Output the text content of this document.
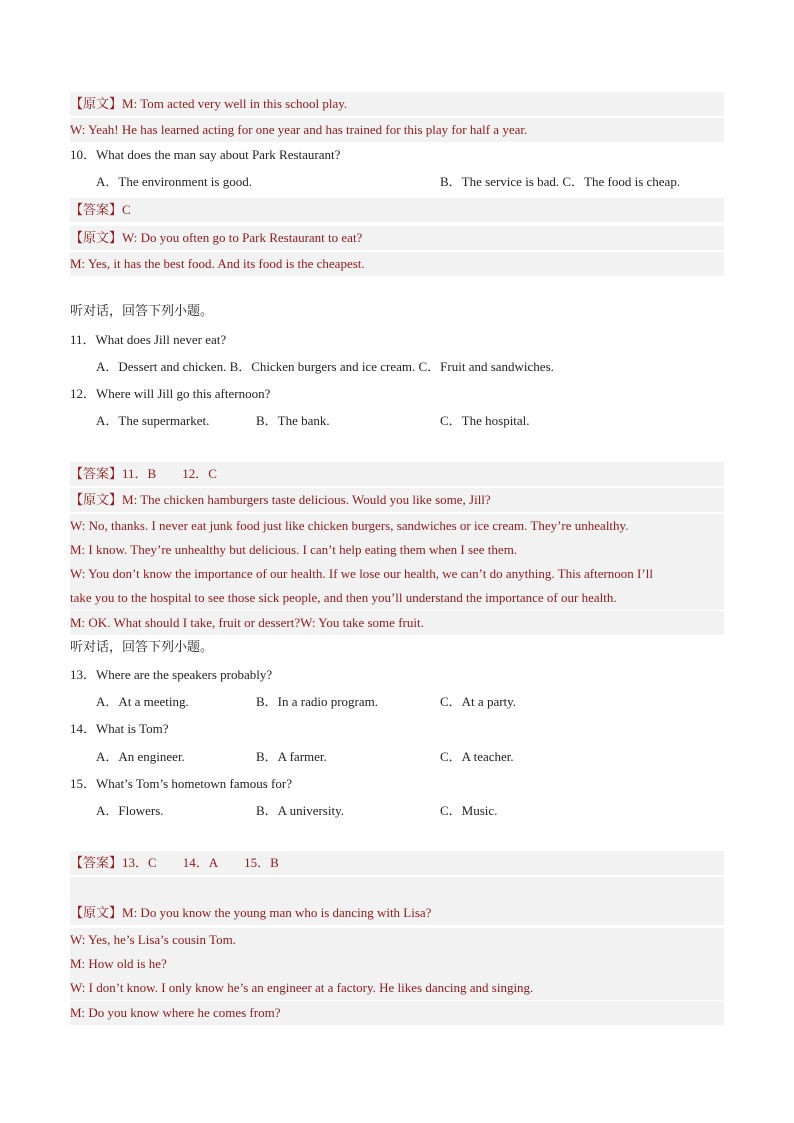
【原文】M: Tom acted very well in this school play.
W: Yeah! He has learned acting for one year and has trained for this play for half a year.
10．What does the man say about Park Restaurant?
A．The environment is good.	B．The service is bad. C．The food is cheap.
【答案】C
【原文】W: Do you often go to Park Restaurant to eat?
M: Yes, it has the best food. And its food is the cheapest.
听对话，回答下列小题。
11．What does Jill never eat?
A．Dessert and chicken. B．Chicken burgers and ice cream. C．Fruit and sandwiches.
12．Where will Jill go this afternoon?
A．The supermarket.	B．The bank.	C．The hospital.
【答案】11．B 12．C
【原文】M: The chicken hamburgers taste delicious. Would you like some, Jill?
W: No, thanks. I never eat junk food just like chicken burgers, sandwiches or ice cream. They’re unhealthy.
M: I know. They’re unhealthy but delicious. I can’t help eating them when I see them.
W: You don’t know the importance of our health. If we lose our health, we can’t do anything. This afternoon I’ll
take you to the hospital to see those sick people, and then you’ll understand the importance of our health.
M: OK. What should I take, fruit or dessert?W: You take some fruit.
听对话，回答下列小题。
13．Where are the speakers probably?
A．At a meeting.	B．In a radio program.	C．At a party.
14．What is Tom?
A．An engineer.	B．A farmer.	C．A teacher.
15．What’s Tom’s hometown famous for?
A．Flowers.	B．A university.	C．Music.
【答案】13．C 14．A 15．B
【原文】M: Do you know the young man who is dancing with Lisa?
W: Yes, he’s Lisa’s cousin Tom.
M: How old is he?
W: I don’t know. I only know he’s an engineer at a factory. He likes dancing and singing.
M: Do you know where he comes from?
